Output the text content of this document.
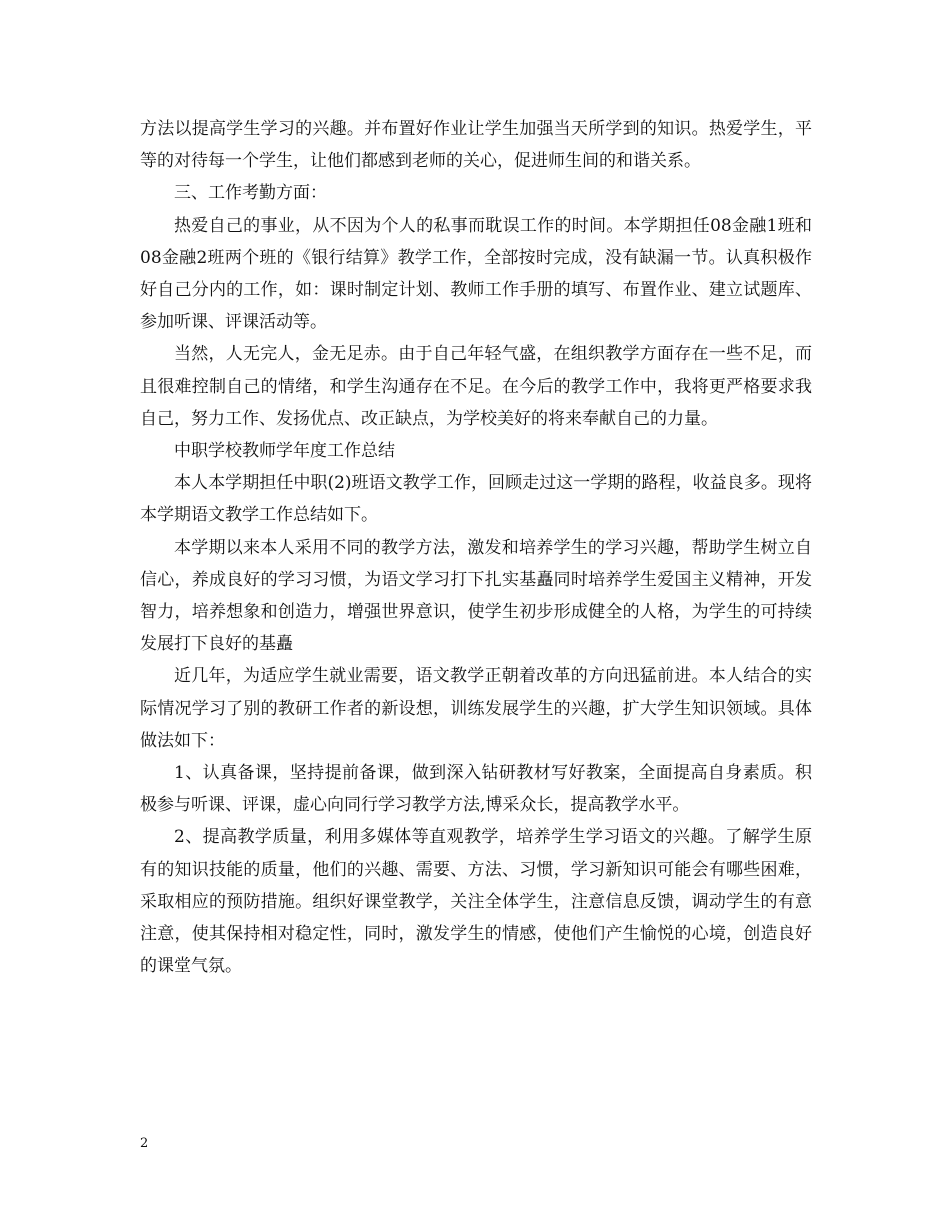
方法以提高学生学习的兴趣。并布置好作业让学生加强当天所学到的知识。热爱学生，平等的对待每一个学生，让他们都感到老师的关心，促进师生间的和谐关系。

三、工作考勤方面：

热爱自己的事业，从不因为个人的私事而耽误工作的时间。本学期担任08金融1班和08金融2班两个班的《银行结算》教学工作，全部按时完成，没有缺漏一节。认真积极作好自己分内的工作，如：课时制定计划、教师工作手册的填写、布置作业、建立试题库、参加听课、评课活动等。

当然，人无完人，金无足赤。由于自己年轻气盛，在组织教学方面存在一些不足，而且很难控制自己的情绪，和学生沟通存在不足。在今后的教学工作中，我将更严格要求我自己，努力工作、发扬优点、改正缺点，为学校美好的将来奉献自己的力量。

中职学校教师学年度工作总结

本人本学期担任中职(2)班语文教学工作，回顾走过这一学期的路程，收益良多。现将本学期语文教学工作总结如下。

本学期以来本人采用不同的教学方法，激发和培养学生的学习兴趣，帮助学生树立自信心，养成良好的学习习惯，为语文学习打下扎实基矗同时培养学生爱国主义精神，开发智力，培养想象和创造力，增强世界意识，使学生初步形成健全的人格，为学生的可持续发展打下良好的基矗

近几年，为适应学生就业需要，语文教学正朝着改革的方向迅猛前进。本人结合的实际情况学习了别的教研工作者的新设想，训练发展学生的兴趣，扩大学生知识领域。具体做法如下：

1、认真备课，坚持提前备课，做到深入钻研教材写好教案，全面提高自身素质。积极参与听课、评课，虚心向同行学习教学方法,博采众长，提高教学水平。

2、提高教学质量，利用多媒体等直观教学，培养学生学习语文的兴趣。了解学生原有的知识技能的质量，他们的兴趣、需要、方法、习惯，学习新知识可能会有哪些困难，采取相应的预防措施。组织好课堂教学，关注全体学生，注意信息反馈，调动学生的有意注意，使其保持相对稳定性，同时，激发学生的情感，使他们产生愉悦的心境，创造良好的课堂气氛。

2
